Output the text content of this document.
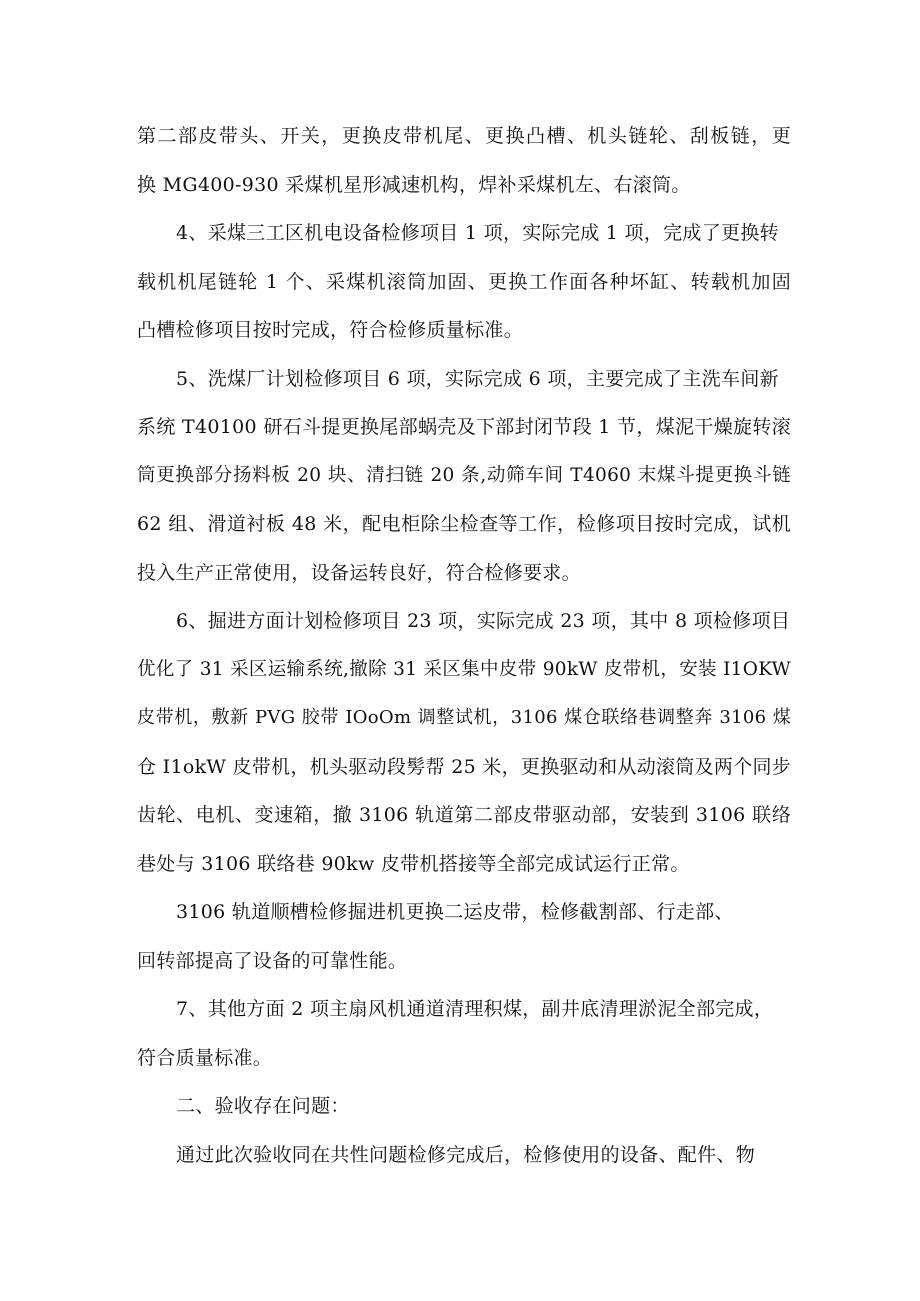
第二部皮带头、开关，更换皮带机尾、更换凸槽、机头链轮、刮板链，更
换 MG400-930 采煤机星形减速机构，焊补采煤机左、右滚筒。
4、采煤三工区机电设备检修项目 1 项，实际完成 1 项，完成了更换转
载机机尾链轮 1 个、采煤机滚筒加固、更换工作面各种坏缸、转载机加固
凸槽检修项目按时完成，符合检修质量标准。
5、洗煤厂计划检修项目 6 项，实际完成 6 项，主要完成了主洗车间新
系统 T40100 研石斗提更换尾部蜗壳及下部封闭节段 1 节，煤泥干燥旋转滚
筒更换部分扬料板 20 块、清扫链 20 条,动筛车间 T4060 末煤斗提更换斗链
62 组、滑道衬板 48 米，配电柜除尘检查等工作，检修项目按时完成，试机
投入生产正常使用，设备运转良好，符合检修要求。
6、掘进方面计划检修项目 23 项，实际完成 23 项，其中 8 项检修项目
优化了 31 采区运输系统,撤除 31 采区集中皮带 90kW 皮带机，安装 I1OKW
皮带机，敷新 PVG 胶带 IOoOm 调整试机，3106 煤仓联络巷调整奔 3106 煤
仓 I1okW 皮带机，机头驱动段髣帮 25 米，更换驱动和从动滚筒及两个同步
齿轮、电机、变速箱，撤 3106 轨道第二部皮带驱动部，安装到 3106 联络
巷处与 3106 联络巷 90kw 皮带机搭接等全部完成试运行正常。
3106 轨道顺槽检修掘进机更换二运皮带，检修截割部、行走部、
回转部提高了设备的可靠性能。
7、其他方面 2 项主扇风机通道清理积煤，副井底清理淤泥全部完成，
符合质量标准。
二、验收存在问题：
通过此次验收同在共性问题检修完成后，检修使用的设备、配件、物
